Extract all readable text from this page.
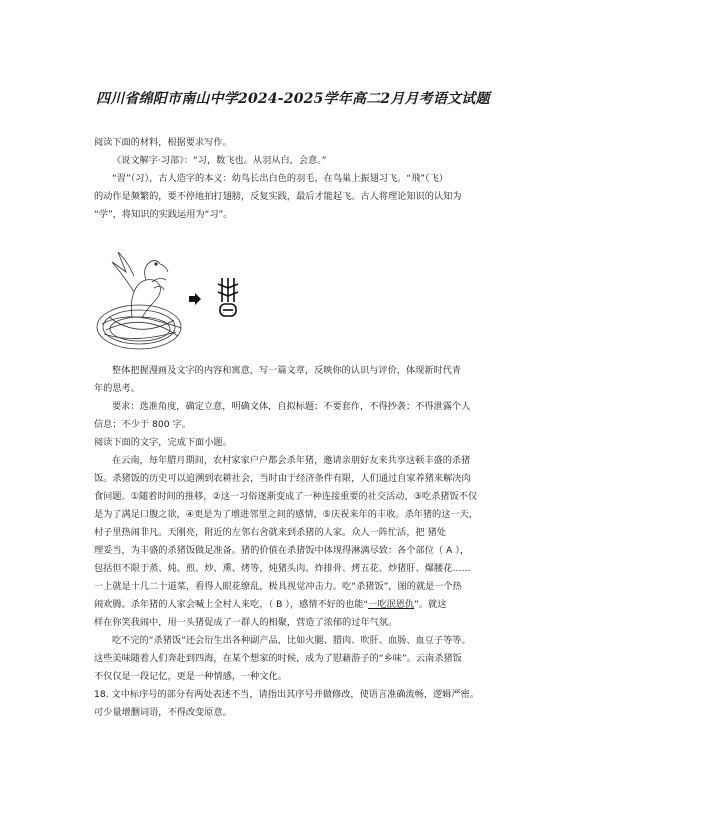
四川省绵阳市南山中学2024-2025学年高二2月月考语文试题

阅读下面的材料，根据要求写作。

《说文解字·习部》：“习，数飞也。从羽从白，会意。”

“習”（习），古人造字的本义：幼鸟长出白色的羽毛，在鸟巢上振翅习飞。“飛”（飞）

的动作是频繁的，要不停地拍打翅膀，反复实践，最后才能起飞。古人将理论知识的认知为

“学”，将知识的实践运用为“习”。

整体把握漫画及文字的内容和寓意，写一篇文章，反映你的认识与评价，体现新时代青

年的思考。

要求：选准角度，确定立意，明确文体，自拟标题；不要套作，不得抄袭；不得泄露个人

信息；不少于 800 字。

阅读下面的文字，完成下面小题。

在云南，每年腊月期间，农村家家户户都会杀年猪，邀请亲朋好友来共享这顿丰盛的杀猪

饭。杀猪饭的历史可以追溯到农耕社会，当时由于经济条件有限，人们通过自家养猪来解决肉

食问题。①随着时间的推移，②这一习俗逐渐变成了一种连接重要的社交活动，③吃杀猪饭不仅

是为了满足口腹之欲，④更是为了增进邻里之间的感情，⑤庆祝来年的丰收。杀年猪的这一天，

村子里热闹非凡。天刚亮，附近的左邻右舍就来到杀猪的人家。众人一阵忙活，把 猪处

理妥当，为丰盛的杀猪饭做足准备。猪的价值在杀猪饭中体现得淋漓尽致：各个部位（ A ），

包括但不限于蒸、炖、煎、炒、熏、烤等，炖猪头肉、炸排骨、烤五花、炒猪肝、爆腰花……

一上就是十几二十道菜，看得人眼花缭乱，极具视觉冲击力。吃“杀猪饭”，图的就是一个热

闹欢腾。杀年猪的人家会喊上全村人来吃，（ B ），感情不好的也能“一吃泯恩仇”。就这

样在你笑我闹中，用一头猪促成了一群人的相聚，营造了浓郁的过年气氛。

吃不完的“杀猪饭”还会衍生出各种副产品，比如火腿、腊肉、吹肝、血肠、血豆子等等。

这些美味随着人们奔赴到四海，在某个想家的时候，成为了慰藉游子的“乡味”。云南杀猪饭

不仅仅是一段记忆，更是一种情感，一种文化。

18. 文中标序号的部分有两处表述不当，请指出其序号并做修改，使语言准确流畅，逻辑严密。

可少量增删词语，不得改变原意。
